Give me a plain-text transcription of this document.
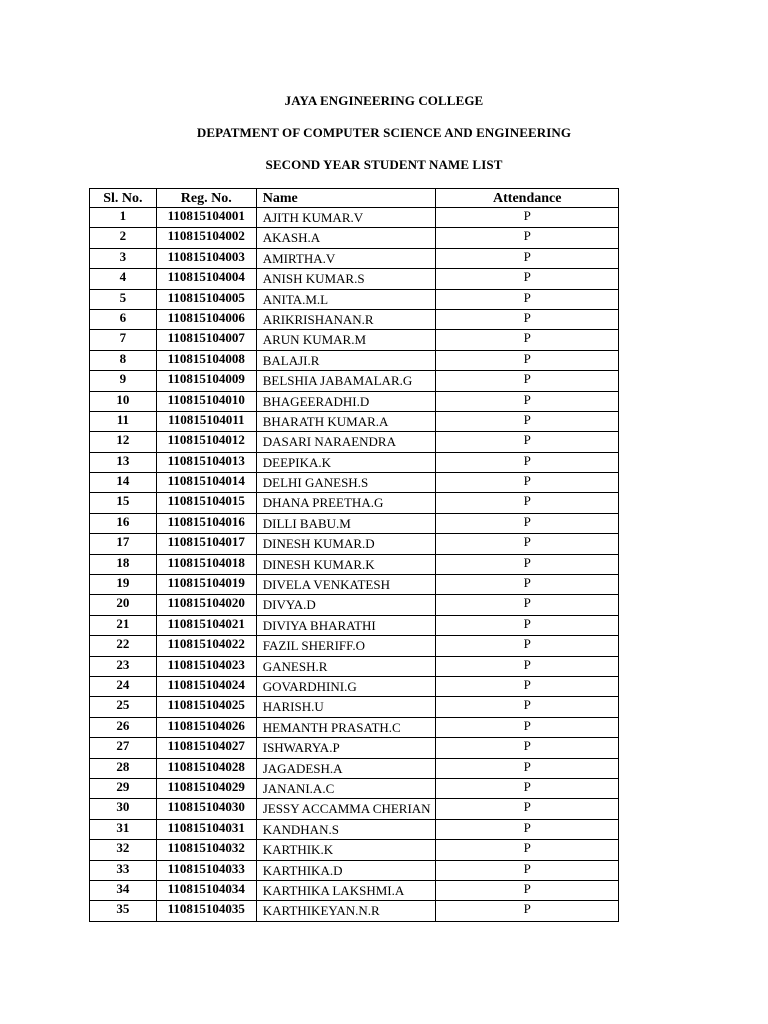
JAYA ENGINEERING COLLEGE
DEPATMENT OF COMPUTER SCIENCE AND ENGINEERING
SECOND YEAR STUDENT NAME LIST
Sl. No.	Reg. No.	Name	Attendance
1	110815104001	AJITH KUMAR.V	P
2	110815104002	AKASH.A	P
3	110815104003	AMIRTHA.V	P
4	110815104004	ANISH KUMAR.S	P
5	110815104005	ANITA.M.L	P
6	110815104006	ARIKRISHANAN.R	P
7	110815104007	ARUN KUMAR.M	P
8	110815104008	BALAJI.R	P
9	110815104009	BELSHIA JABAMALAR.G	P
10	110815104010	BHAGEERADHI.D	P
11	110815104011	BHARATH KUMAR.A	P
12	110815104012	DASARI NARAENDRA	P
13	110815104013	DEEPIKA.K	P
14	110815104014	DELHI GANESH.S	P
15	110815104015	DHANA PREETHA.G	P
16	110815104016	DILLI BABU.M	P
17	110815104017	DINESH KUMAR.D	P
18	110815104018	DINESH KUMAR.K	P
19	110815104019	DIVELA VENKATESH	P
20	110815104020	DIVYA.D	P
21	110815104021	DIVIYA BHARATHI	P
22	110815104022	FAZIL SHERIFF.O	P
23	110815104023	GANESH.R	P
24	110815104024	GOVARDHINI.G	P
25	110815104025	HARISH.U	P
26	110815104026	HEMANTH PRASATH.C	P
27	110815104027	ISHWARYA.P	P
28	110815104028	JAGADESH.A	P
29	110815104029	JANANI.A.C	P
30	110815104030	JESSY ACCAMMA CHERIAN	P
31	110815104031	KANDHAN.S	P
32	110815104032	KARTHIK.K	P
33	110815104033	KARTHIKA.D	P
34	110815104034	KARTHIKA LAKSHMI.A	P
35	110815104035	KARTHIKEYAN.N.R	P
